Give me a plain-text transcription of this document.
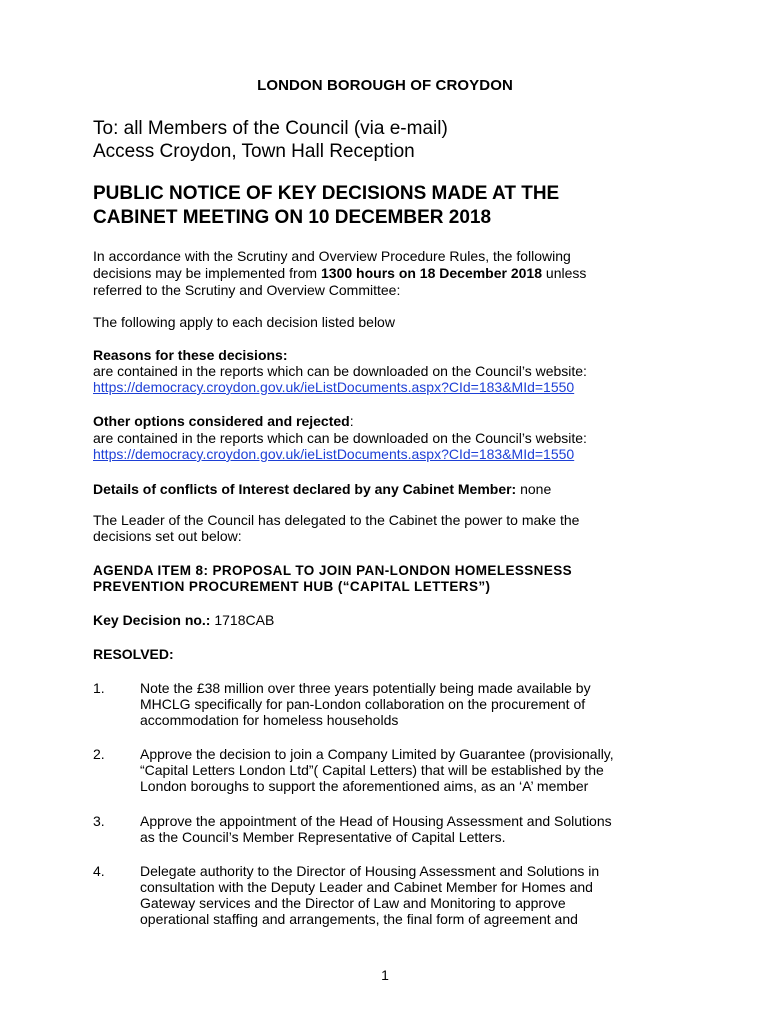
LONDON BOROUGH OF CROYDON
To: all Members of the Council (via e-mail)
Access Croydon, Town Hall Reception
PUBLIC NOTICE OF KEY DECISIONS MADE AT THE
CABINET MEETING ON 10 DECEMBER 2018
In accordance with the Scrutiny and Overview Procedure Rules, the following
decisions may be implemented from 1300 hours on 18 December 2018 unless
referred to the Scrutiny and Overview Committee:
The following apply to each decision listed below
Reasons for these decisions:
are contained in the reports which can be downloaded on the Council’s website:
https://democracy.croydon.gov.uk/ieListDocuments.aspx?CId=183&MId=1550
Other options considered and rejected:
are contained in the reports which can be downloaded on the Council’s website:
https://democracy.croydon.gov.uk/ieListDocuments.aspx?CId=183&MId=1550
Details of conflicts of Interest declared by any Cabinet Member: none
The Leader of the Council has delegated to the Cabinet the power to make the
decisions set out below:
AGENDA ITEM 8: PROPOSAL TO JOIN PAN-LONDON HOMELESSNESS
PREVENTION PROCUREMENT HUB (“CAPITAL LETTERS”)
Key Decision no.: 1718CAB
RESOLVED:
1.	Note the £38 million over three years potentially being made available by
MHCLG specifically for pan-London collaboration on the procurement of
accommodation for homeless households
2.	Approve the decision to join a Company Limited by Guarantee (provisionally,
“Capital Letters London Ltd”( Capital Letters) that will be established by the
London boroughs to support the aforementioned aims, as an ‘A’ member
3.	Approve the appointment of the Head of Housing Assessment and Solutions
as the Council’s Member Representative of Capital Letters.
4.	Delegate authority to the Director of Housing Assessment and Solutions in
consultation with the Deputy Leader and Cabinet Member for Homes and
Gateway services and the Director of Law and Monitoring to approve
operational staffing and arrangements, the final form of agreement and
1
